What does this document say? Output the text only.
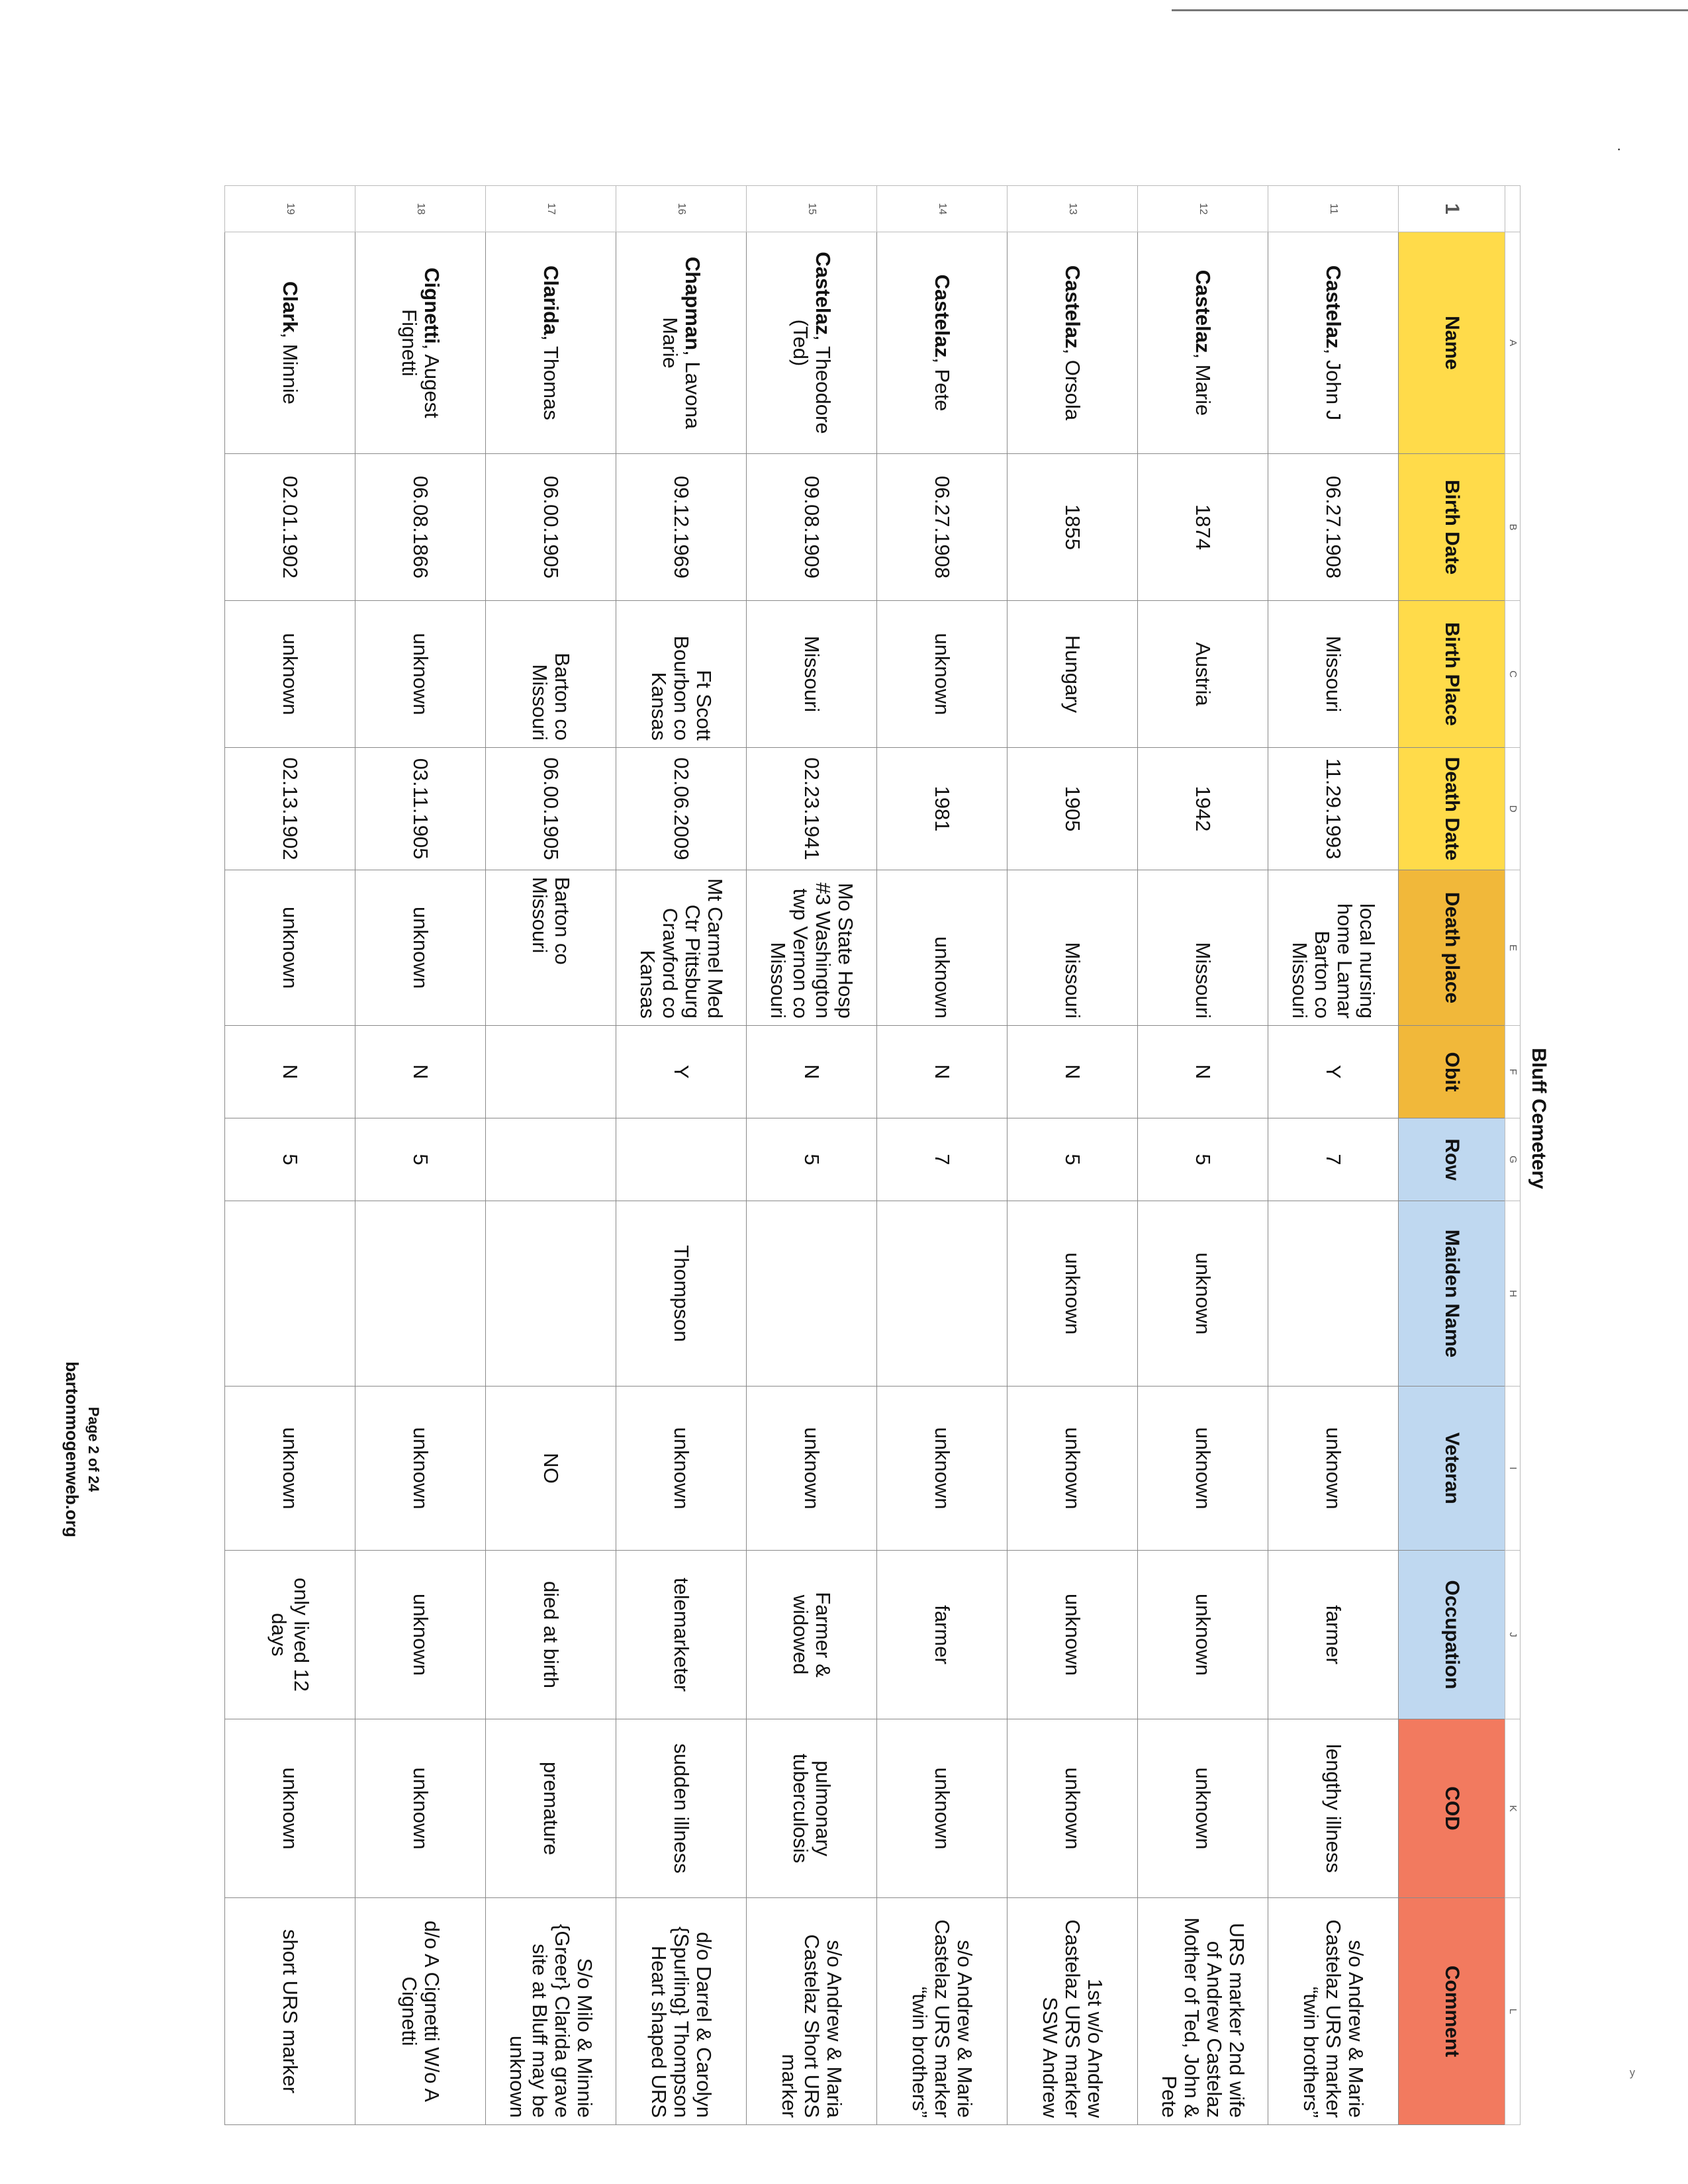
·
Bluff Cemetery
	A	B	C	D	E	F	G	H	I	J	K	L
1	Name	Birth Date	Birth Place	Death Date	Death place	Obit	Row	Maiden Name	Veteran	Occupation	COD	Comment
11	Castelaz, John J	06.27.1908	Missouri	11.29.1993	local nursing home Lamar Barton co Missouri	Y	7		unknown	farmer	lengthy illness	s/o Andrew & Marie Castelaz URS marker “twin brothers”
12	Castelaz, Marie	1874	Austria	1942	Missouri	N	5	unknown	unknown	unknown	unknown	URS marker 2nd wife of Andrew Castelaz Mother of Ted, John & Pete
13	Castelaz, Orsola	1855	Hungary	1905	Missouri	N	5	unknown	unknown	unknown	unknown	1st w/o Andrew Castelaz URS marker SSW Andrew
14	Castelaz, Pete	06.27.1908	unknown	1981	unknown	N	7		unknown	farmer	unknown	s/o Andrew & Marie Castelaz URS marker “twin brothers”
15	Castelaz, Theodore (Ted)	09.08.1909	Missouri	02.23.1941	Mo State Hosp #3 Washington twp Vernon co Missouri	N	5		unknown	Farmer & widowed	pulmonary tuberculosis	s/o Andrew & Maria Castelaz Short URS marker
16	Chapman, Lavona Marie	09.12.1969	Ft Scott Bourbon co Kansas	02.06.2009	Mt Carmel Med Ctr Pittsburg Crawford co Kansas	Y		Thompson	unknown	telemarketer	sudden illness	d/o Darrel & Carolyn {Spurling} Thompson Heart shaped URS
17	Clarida, Thomas	06.00.1905	Barton co Missouri	06.00.1905	Barton co Missouri				NO	died at birth	premature	S/o Milo & Minnie {Greer} Clarida grave site at Bluff may be unknown
18	Cignetti, Augest Fignetti	06.08.1866	unknown	03.11.1905	unknown	N	5		unknown	unknown	unknown	d/o A Cignetti W/o A Cignetti
19	Clark, Minnie	02.01.1902	unknown	02.13.1902	unknown	N	5		unknown	only lived 12 days	unknown	short URS marker
Page 2 of 24
bartonmogenweb.org
ʸ
